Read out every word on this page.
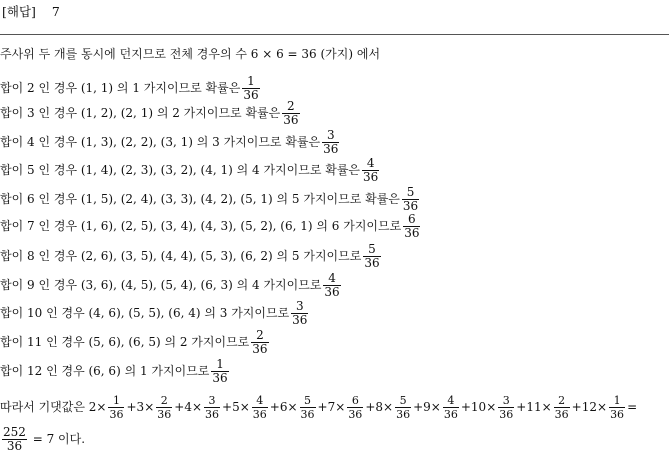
[해답] 7
주사위 두 개를 동시에 던지므로 전체 경우의 수 6 × 6 = 36 (가지) 에서
합이 2 인 경우 (1, 1) 의 1 가지이므로 확률은 $\frac{1}{36}$
합이 3 인 경우 (1, 2), (2, 1) 의 2 가지이므로 확률은 $\frac{2}{36}$
합이 4 인 경우 (1, 3), (2, 2), (3, 1) 의 3 가지이므로 확률은 $\frac{3}{36}$
합이 5 인 경우 (1, 4), (2, 3), (3, 2), (4, 1) 의 4 가지이므로 확률은 $\frac{4}{36}$
합이 6 인 경우 (1, 5), (2, 4), (3, 3), (4, 2), (5, 1) 의 5 가지이므로 확률은 $\frac{5}{36}$
합이 7 인 경우 (1, 6), (2, 5), (3, 4), (4, 3), (5, 2), (6, 1) 의 6 가지이므로 $\frac{6}{36}$
합이 8 인 경우 (2, 6), (3, 5), (4, 4), (5, 3), (6, 2) 의 5 가지이므로 $\frac{5}{36}$
합이 9 인 경우 (3, 6), (4, 5), (5, 4), (6, 3) 의 4 가지이므로 $\frac{4}{36}$
합이 10 인 경우 (4, 6), (5, 5), (6, 4) 의 3 가지이므로 $\frac{3}{36}$
합이 11 인 경우 (5, 6), (6, 5) 의 2 가지이므로 $\frac{2}{36}$
합이 12 인 경우 (6, 6) 의 1 가지이므로 $\frac{1}{36}$
따라서 기댓값은 $2\times \frac{1}{36} +3\times \frac{2}{36} +4\times \frac{3}{36} +5\times \frac{4}{36} +6\times \frac{5}{36} +7\times \frac{6}{36} +8\times \frac{5}{36} +9\times \frac{4}{36} +10\times \frac{3}{36} +11\times \frac{2}{36} +12\times \frac{1}{36}$ =
$\frac{252}{36} = 7$ 이다.
